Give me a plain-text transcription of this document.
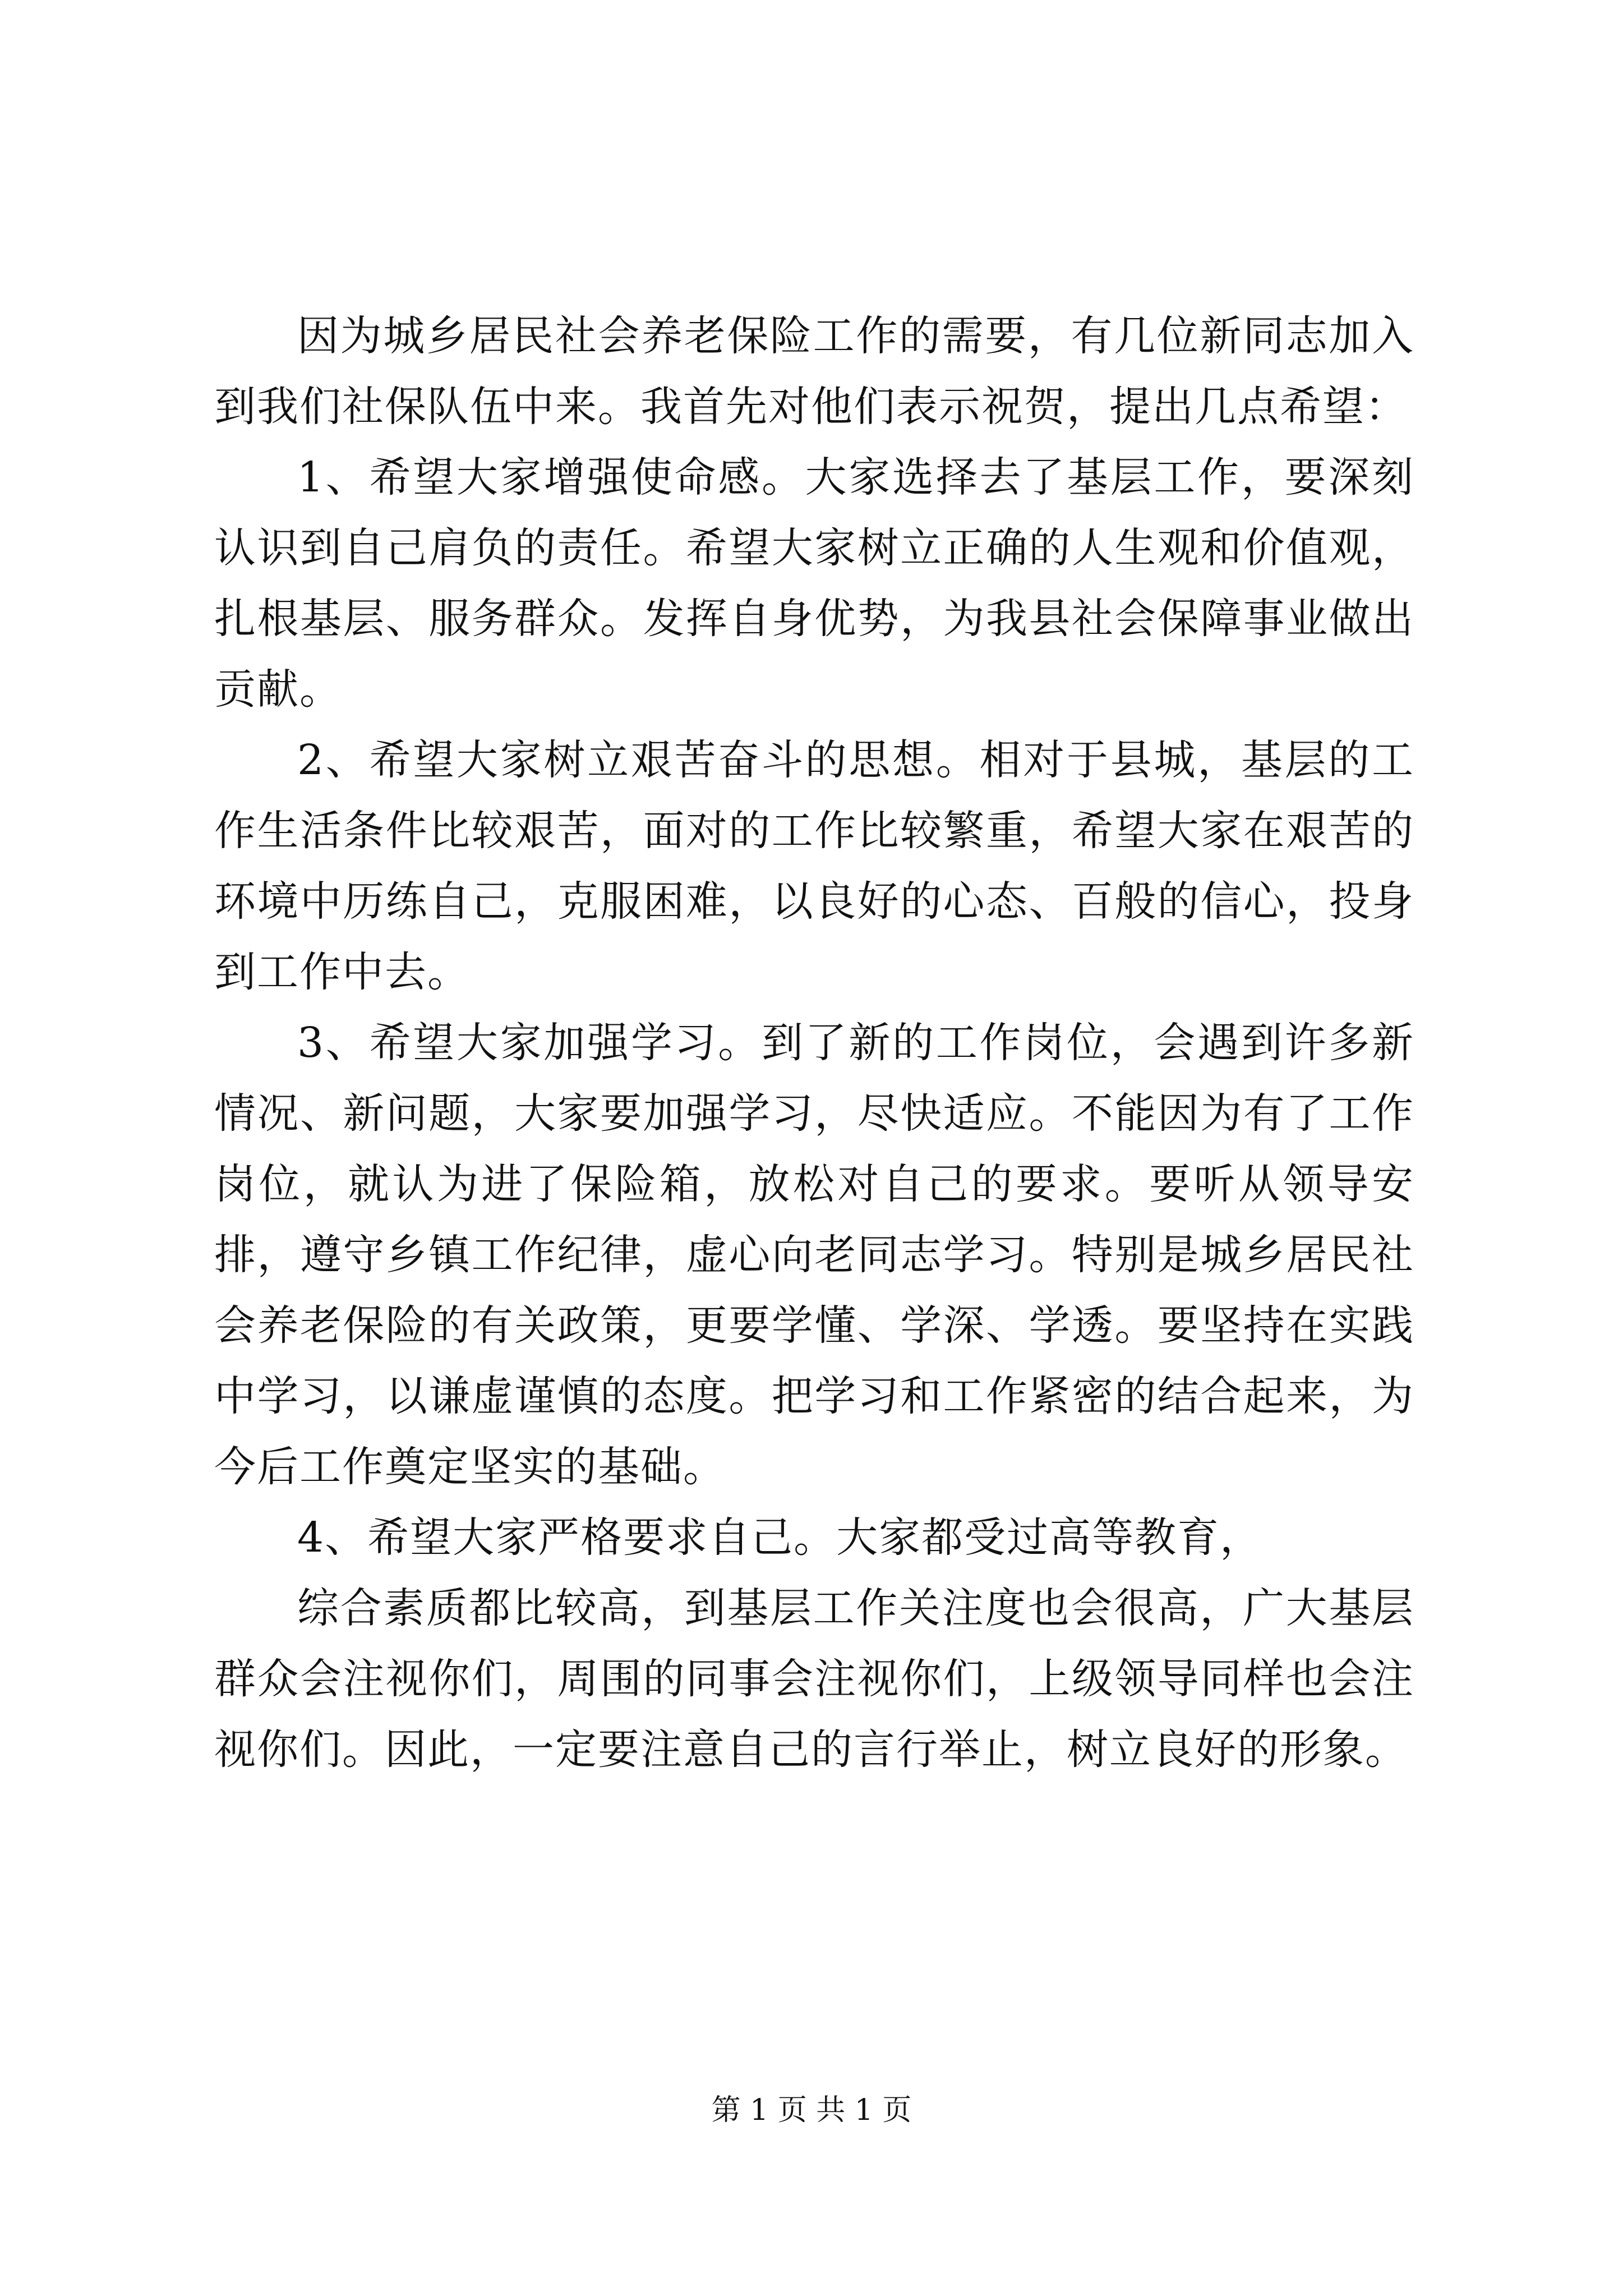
因为城乡居民社会养老保险工作的需要，有几位新同志加入到我们社保队伍中来。我首先对他们表示祝贺，提出几点希望：

1、希望大家增强使命感。大家选择去了基层工作，要深刻认识到自己肩负的责任。希望大家树立正确的人生观和价值观，扎根基层、服务群众。发挥自身优势，为我县社会保障事业做出贡献。

2、希望大家树立艰苦奋斗的思想。相对于县城，基层的工作生活条件比较艰苦，面对的工作比较繁重，希望大家在艰苦的环境中历练自己，克服困难，以良好的心态、百般的信心，投身到工作中去。

3、希望大家加强学习。到了新的工作岗位，会遇到许多新情况、新问题，大家要加强学习，尽快适应。不能因为有了工作岗位，就认为进了保险箱，放松对自己的要求。要听从领导安排，遵守乡镇工作纪律，虚心向老同志学习。特别是城乡居民社会养老保险的有关政策，更要学懂、学深、学透。要坚持在实践中学习，以谦虚谨慎的态度。把学习和工作紧密的结合起来，为今后工作奠定坚实的基础。

4、希望大家严格要求自己。大家都受过高等教育，

综合素质都比较高，到基层工作关注度也会很高，广大基层群众会注视你们，周围的同事会注视你们，上级领导同样也会注视你们。因此，一定要注意自己的言行举止，树立良好的形象。

第 1 页 共 1 页
